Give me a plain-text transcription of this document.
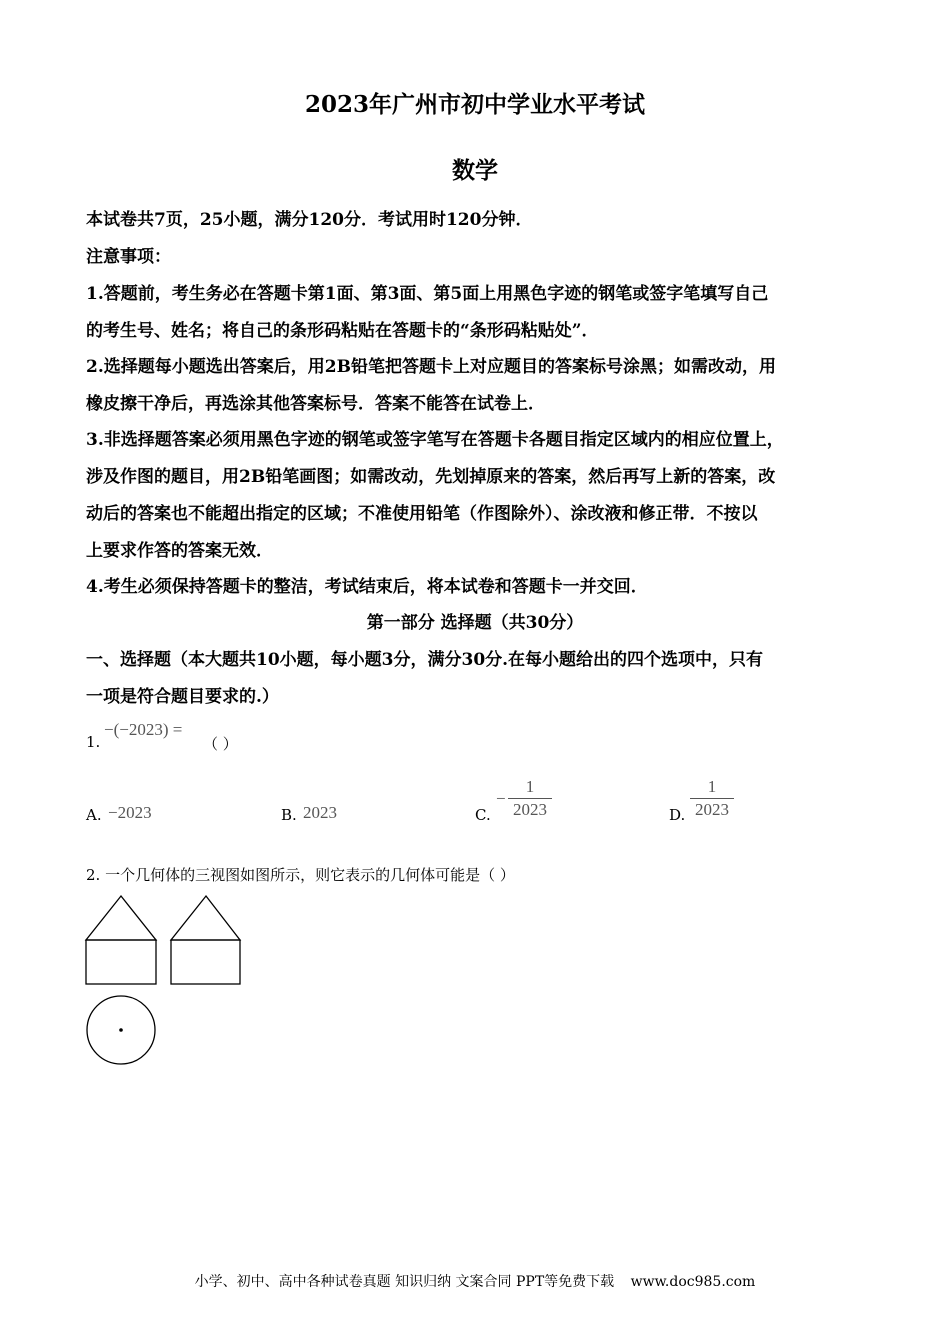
2023年广州市初中学业水平考试
数学
本试卷共7页，25小题，满分120分．考试用时120分钟．
注意事项：
1.答题前，考生务必在答题卡第1面、第3面、第5面上用黑色字迹的钢笔或签字笔填写自己
的考生号、姓名；将自己的条形码粘贴在答题卡的“条形码粘贴处”．
2.选择题每小题选出答案后，用2B铅笔把答题卡上对应题目的答案标号涂黑；如需改动，用
橡皮擦干净后，再选涂其他答案标号．答案不能答在试卷上．
3.非选择题答案必须用黑色字迹的钢笔或签字笔写在答题卡各题目指定区域内的相应位置上，
涉及作图的题目，用2B铅笔画图；如需改动，先划掉原来的答案，然后再写上新的答案，改
动后的答案也不能超出指定的区域；不准使用铅笔（作图除外）、涂改液和修正带．不按以
上要求作答的答案无效．
4.考生必须保持答题卡的整洁，考试结束后，将本试卷和答题卡一并交回．
第一部分 选择题（共30分）
一、选择题（本大题共10小题，每小题3分，满分30分.在每小题给出的四个选项中，只有
一项是符合题目要求的.）
1.
−(−2023) =
（ ）
A. −2023	B. 2023	C.
−
1
2023	D.
1
2023
2. 一个几何体的三视图如图所示，则它表示的几何体可能是（ ）
小学、初中、高中各种试卷真题 知识归纳 文案合同 PPT等免费下载 www.doc985.com
